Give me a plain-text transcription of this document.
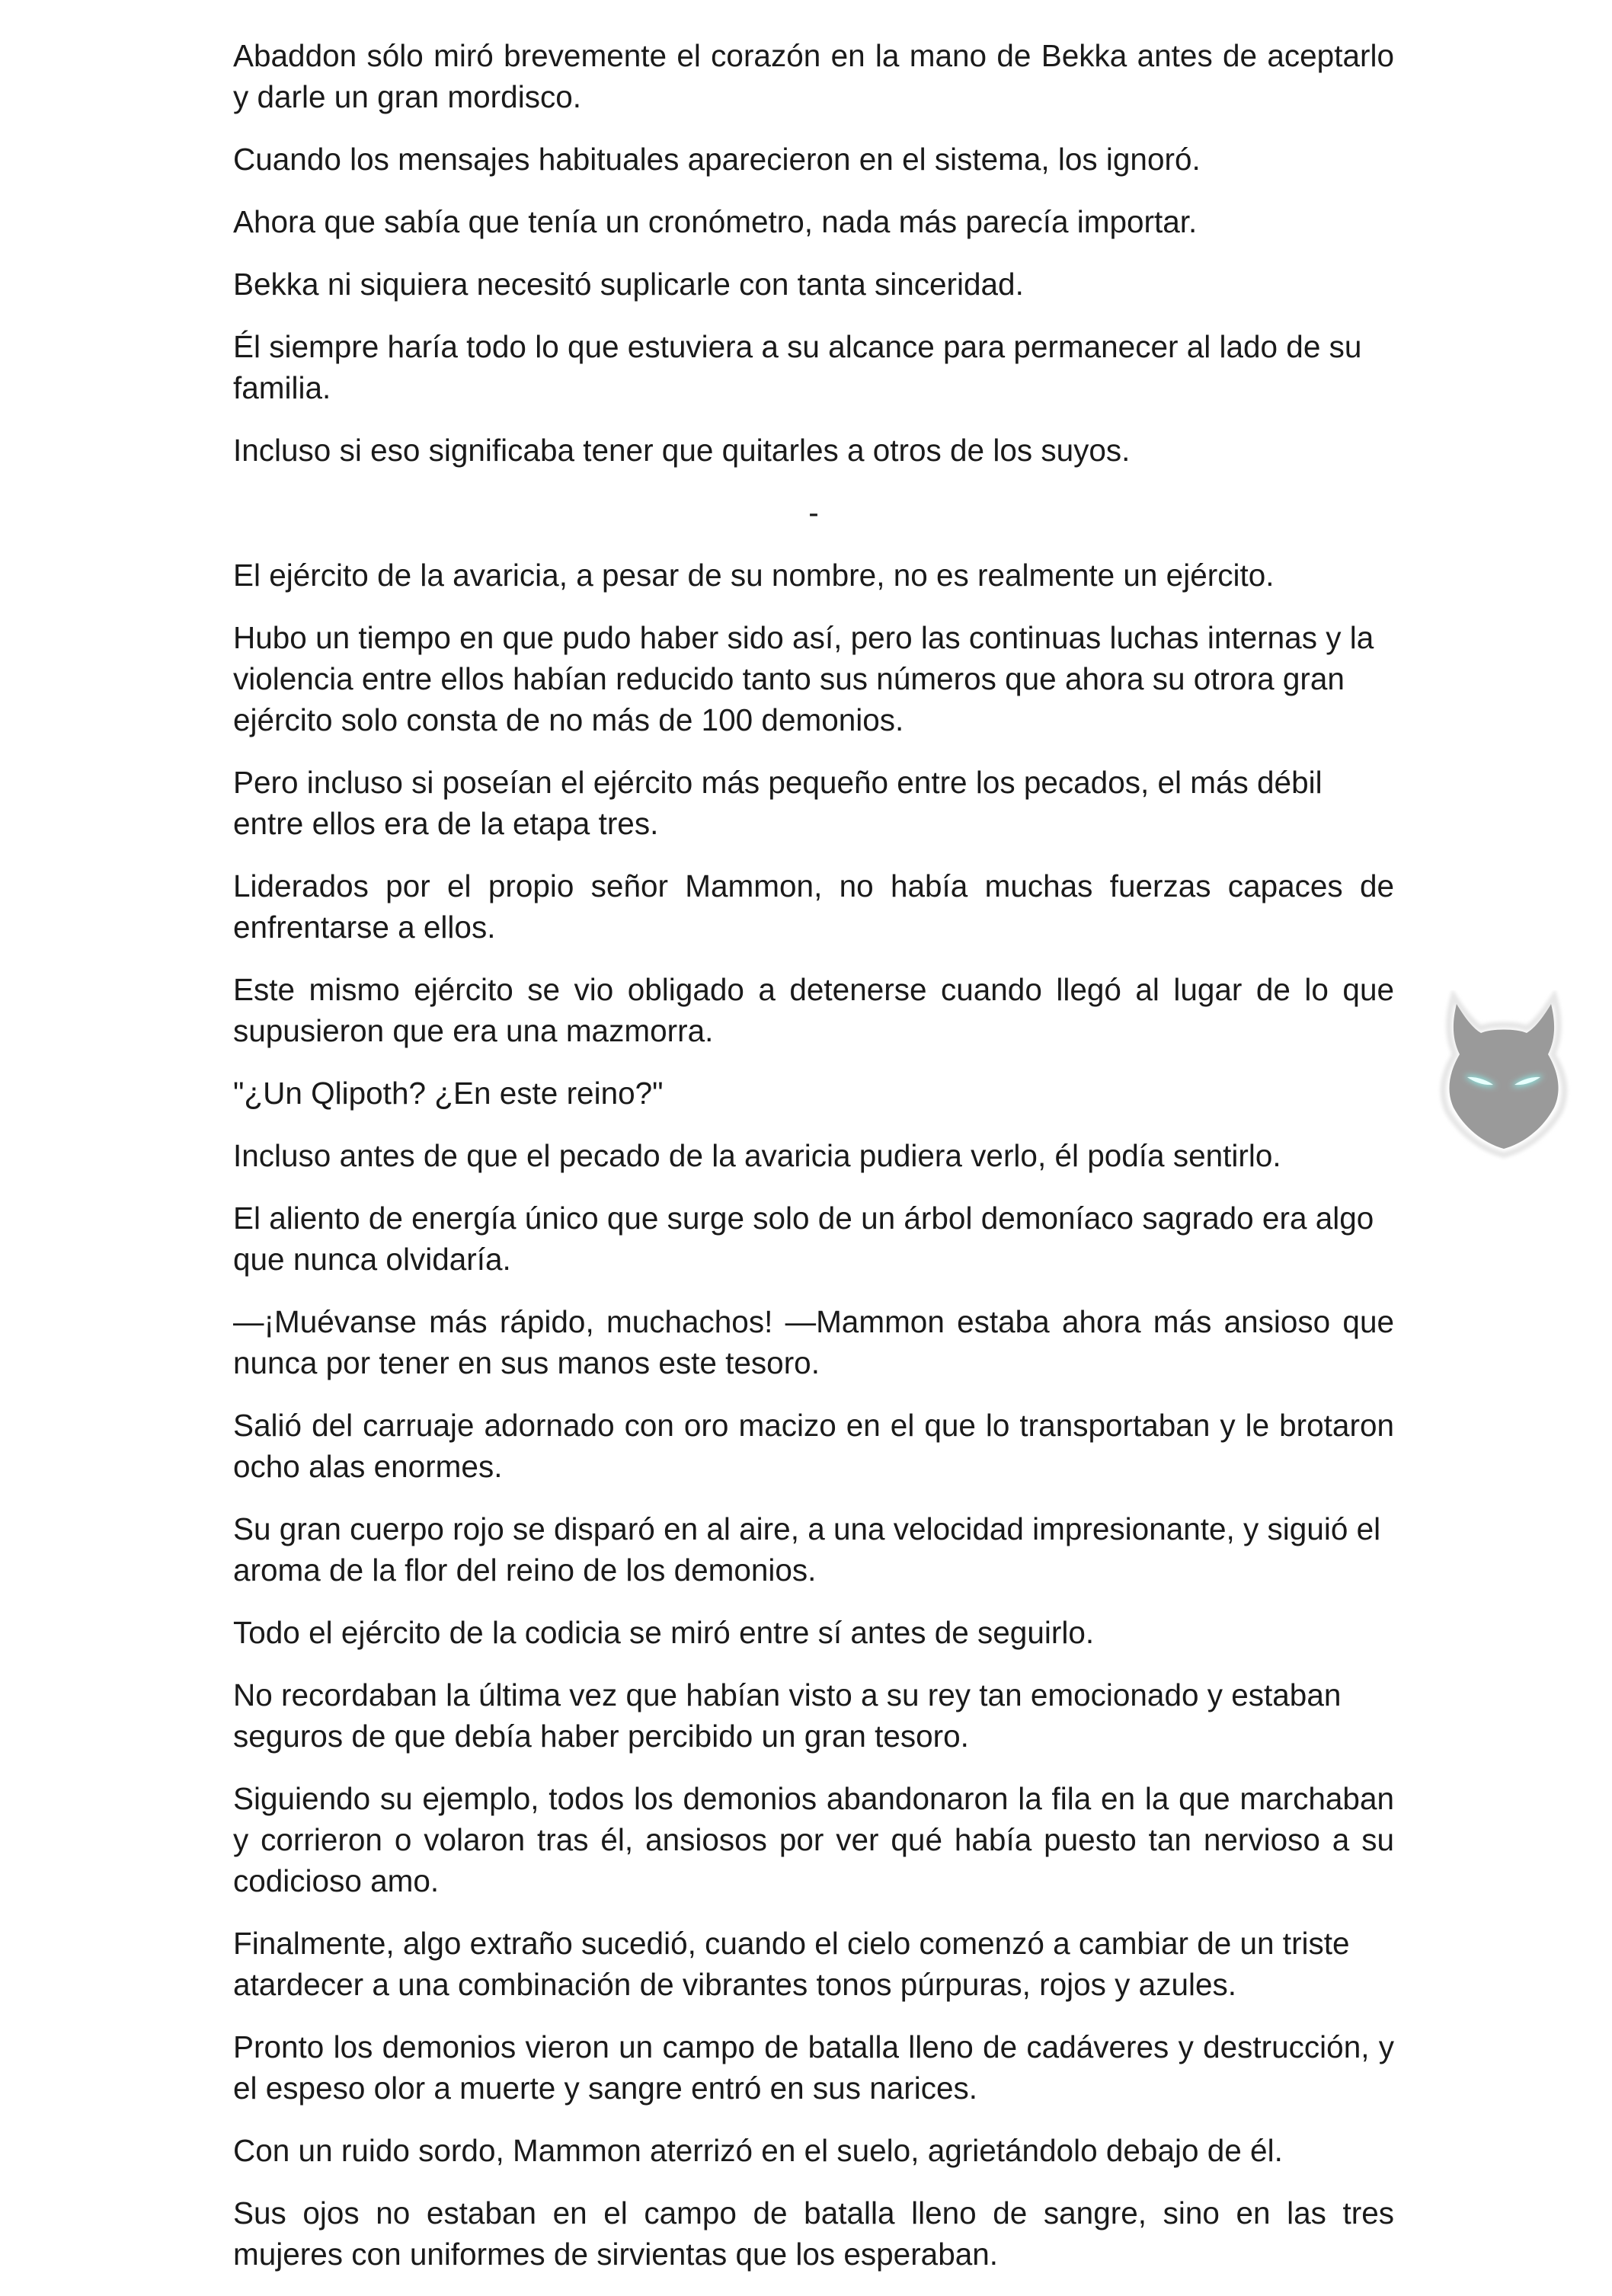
Abaddon sólo miró brevemente el corazón en la mano de Bekka antes de aceptarlo y darle un gran mordisco.

Cuando los mensajes habituales aparecieron en el sistema, los ignoró.

Ahora que sabía que tenía un cronómetro, nada más parecía importar.

Bekka ni siquiera necesitó suplicarle con tanta sinceridad.

Él siempre haría todo lo que estuviera a su alcance para permanecer al lado de su familia.

Incluso si eso significaba tener que quitarles a otros de los suyos.

-

El ejército de la avaricia, a pesar de su nombre, no es realmente un ejército.

Hubo un tiempo en que pudo haber sido así, pero las continuas luchas internas y la violencia entre ellos habían reducido tanto sus números que ahora su otrora gran ejército solo consta de no más de 100 demonios.

Pero incluso si poseían el ejército más pequeño entre los pecados, el más débil entre ellos era de la etapa tres.

Liderados por el propio señor Mammon, no había muchas fuerzas capaces de enfrentarse a ellos.

Este mismo ejército se vio obligado a detenerse cuando llegó al lugar de lo que supusieron que era una mazmorra.

"¿Un Qlipoth? ¿En este reino?"

Incluso antes de que el pecado de la avaricia pudiera verlo, él podía sentirlo.

El aliento de energía único que surge solo de un árbol demoníaco sagrado era algo que nunca olvidaría.

—¡Muévanse más rápido, muchachos! —Mammon estaba ahora más ansioso que nunca por tener en sus manos este tesoro.

Salió del carruaje adornado con oro macizo en el que lo transportaban y le brotaron ocho alas enormes.

Su gran cuerpo rojo se disparó en al aire, a una velocidad impresionante, y siguió el aroma de la flor del reino de los demonios.

Todo el ejército de la codicia se miró entre sí antes de seguirlo.

No recordaban la última vez que habían visto a su rey tan emocionado y estaban seguros de que debía haber percibido un gran tesoro.

Siguiendo su ejemplo, todos los demonios abandonaron la fila en la que marchaban y corrieron o volaron tras él, ansiosos por ver qué había puesto tan nervioso a su codicioso amo.

Finalmente, algo extraño sucedió, cuando el cielo comenzó a cambiar de un triste atardecer a una combinación de vibrantes tonos púrpuras, rojos y azules.

Pronto los demonios vieron un campo de batalla lleno de cadáveres y destrucción, y el espeso olor a muerte y sangre entró en sus narices.

Con un ruido sordo, Mammon aterrizó en el suelo, agrietándolo debajo de él.

Sus ojos no estaban en el campo de batalla lleno de sangre, sino en las tres mujeres con uniformes de sirvientas que los esperaban.
